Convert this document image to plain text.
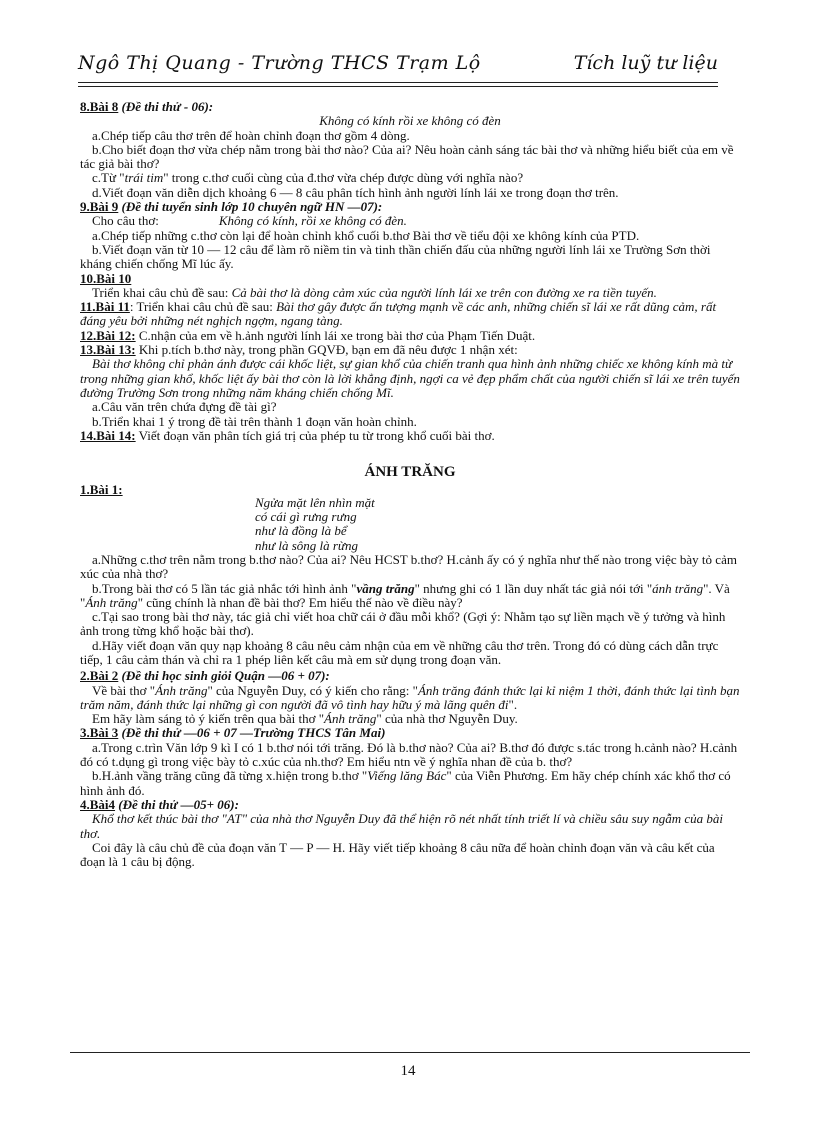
Ngô Thị Quang - Trường THCS Trạm Lộ	Tích luỹ tư liệu

8.Bài 8 (Đề thi thử - 06):

Không có kính rồi xe không có đèn

a.Chép tiếp câu thơ trên để hoàn chỉnh đoạn thơ gồm 4 dòng.

b.Cho biết đoạn thơ vừa chép nằm trong bài thơ nào? Của ai? Nêu hoàn cảnh sáng tác bài thơ và những hiểu biết của em về tác giả bài thơ?

c.Từ "trái tim" trong c.thơ cuối cùng của đ.thơ vừa chép được dùng với nghĩa nào?

d.Viết đoạn văn diễn dịch khoảng 6 — 8 câu phân tích hình ảnh người lính lái xe trong đoạn thơ trên.

9.Bài 9 (Đề thi tuyển sinh lớp 10 chuyên ngữ HN —07):

Cho câu thơ:	Không có kính, rồi xe không có đèn.

a.Chép tiếp những c.thơ còn lại để hoàn chỉnh khổ cuối b.thơ Bài thơ về tiểu đội xe không kính của PTD.

b.Viết đoạn văn từ 10 — 12 câu để làm rõ niềm tin và tinh thần chiến đấu của những người lính lái xe Trường Sơn thời kháng chiến chống Mĩ lúc ấy.

10.Bài 10

Triển khai câu chủ đề sau: Cả bài thơ là dòng cảm xúc của người lính lái xe trên con đường xe ra tiền tuyến.

11.Bài 11: Triển khai câu chủ đề sau: Bài thơ gây được ấn tượng mạnh về các anh, những chiến sĩ lái xe rất dũng cảm, rất đáng yêu bởi những nét nghịch ngợm, ngang tàng.

12.Bài 12: C.nhận của em về h.ảnh người lính lái xe trong bài thơ của Phạm Tiến Duật.

13.Bài 13: Khi p.tích b.thơ này, trong phần GQVĐ, bạn em đã nêu được 1 nhận xét:

Bài thơ không chỉ phản ánh được cái khốc liệt, sự gian khổ của chiến tranh qua hình ảnh những chiếc xe không kính mà từ trong những gian khổ, khốc liệt ấy bài thơ còn là lời khẳng định, ngợi ca vẻ đẹp phẩm chất của người chiến sĩ lái xe trên tuyến đường Trường Sơn trong những năm kháng chiến chống Mĩ.

a.Câu văn trên chứa đựng đề tài gì?

b.Triển khai 1 ý trong đề tài trên thành 1 đoạn văn hoàn chỉnh.

14.Bài 14: Viết đoạn văn phân tích giá trị của phép tu từ trong khổ cuối bài thơ.

ÁNH TRĂNG

1.Bài 1:

Ngửa mặt lên nhìn mặt

có cái gì rưng rưng

như là đồng là bể

như là sông là rừng

a.Những c.thơ trên nằm trong b.thơ nào? Của ai? Nêu HCST b.thơ? H.cảnh ấy có ý nghĩa như thế nào trong việc bày tỏ cảm xúc của nhà thơ?

b.Trong bài thơ có 5 lần tác giả nhắc tới hình ảnh "vầng trăng" nhưng ghi có 1 lần duy nhất tác giả nói tới "ánh trăng". Và "Ánh trăng" cũng chính là nhan đề bài thơ? Em hiểu thế nào về điều này?

c.Tại sao trong bài thơ này, tác giả chỉ viết hoa chữ cái ở đầu mỗi khổ? (Gợi ý: Nhằm tạo sự liền mạch về ý tưởng và hình ảnh trong từng khổ hoặc bài thơ).

d.Hãy viết đoạn văn quy nạp khoảng 8 câu nêu cảm nhận của em về những câu thơ trên. Trong đó có dùng cách dẫn trực tiếp, 1 câu cảm thán và chỉ ra 1 phép liên kết câu mà em sử dụng trong đoạn văn.

2.Bài 2 (Đề thi học sinh giỏi Quận —06 + 07):

Về bài thơ "Ánh trăng" của Nguyễn Duy, có ý kiến cho rằng: "Ánh trăng đánh thức lại kỉ niệm 1 thời, đánh thức lại tình bạn trăm năm, đánh thức lại những gì con người đã vô tình hay hữu ý mà lãng quên đi".

Em hãy làm sáng tỏ ý kiến trên qua bài thơ "Ánh trăng" của nhà thơ Nguyễn Duy.

3.Bài 3 (Đề thi thử —06 + 07 —Trường THCS Tân Mai)

a.Trong c.trìn Văn lớp 9 kì I có 1 b.thơ nói tới trăng. Đó là b.thơ nào? Của ai? B.thơ đó được s.tác trong h.cảnh nào? H.cảnh đó có t.dụng gì trong việc bày tỏ c.xúc của nh.thơ? Em hiểu ntn về ý nghĩa nhan đề của b. thơ?

b.H.ảnh vầng trăng cũng đã từng x.hiện trong b.thơ "Viếng lăng Bác" của Viễn Phương. Em hãy chép chính xác khổ thơ có hình ảnh đó.

4.Bài4 (Đề thi thử —05+ 06):

Khổ thơ kết thúc bài thơ "AT" của nhà thơ Nguyễn Duy đã thể hiện rõ nét nhất tính triết lí và chiều sâu suy ngẫm của bài thơ.

Coi đây là câu chủ đề của đoạn văn T — P — H. Hãy viết tiếp khoảng 8 câu nữa để hoàn chỉnh đoạn văn và câu kết của đoạn là 1 câu bị động.

14
